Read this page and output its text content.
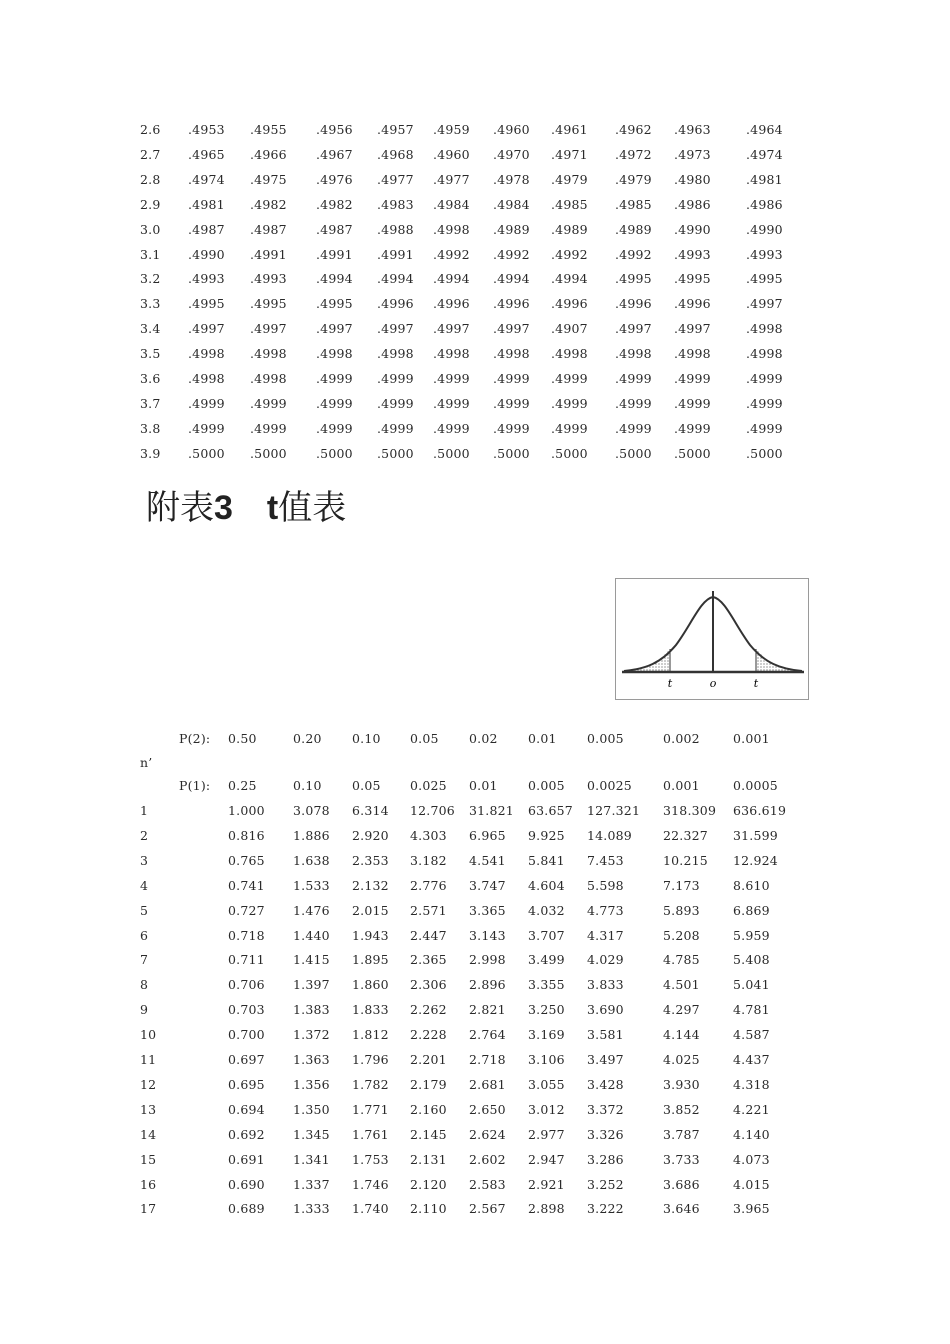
2.6 .4953 .4955 .4956 .4957 .4959 .4960 .4961 .4962 .4963	.4964
2.7 .4965 .4966 .4967 .4968 .4960 .4970 .4971 .4972 .4973	.4974
2.8 .4974 .4975 .4976 .4977 .4977 .4978 .4979 .4979 .4980	.4981
2.9 .4981 .4982 .4982 .4983 .4984 .4984 .4985 .4985 .4986	.4986
3.0 .4987 .4987 .4987 .4988 .4998 .4989 .4989 .4989 .4990	.4990
3.1 .4990 .4991 .4991 .4991 .4992 .4992 .4992 .4992 .4993	.4993
3.2 .4993 .4993 .4994 .4994 .4994 .4994 .4994 .4995 .4995	.4995
3.3 .4995 .4995 .4995 .4996 .4996 .4996 .4996 .4996 .4996	.4997
3.4 .4997 .4997 .4997 .4997 .4997 .4997 .4907 .4997 .4997	.4998
3.5 .4998 .4998 .4998 .4998 .4998 .4998 .4998 .4998 .4998	.4998
3.6 .4998 .4998 .4999 .4999 .4999 .4999 .4999 .4999 .4999	.4999
3.7 .4999 .4999 .4999 .4999 .4999 .4999 .4999 .4999 .4999	.4999
3.8 .4999 .4999 .4999 .4999 .4999 .4999 .4999 .4999 .4999	.4999
3.9 .5000 .5000 .5000 .5000 .5000 .5000 .5000 .5000 .5000	.5000
附表3 t值表
t	o	t
P(2): 0.50	0.20 0.10 0.05 0.02 0.01 0.005	0.002	0.001
n’
P(1): 0.25	0.10 0.05 0.025 0.01 0.005 0.0025 0.001	0.0005
1	1.000 3.078 6.314 12.706 31.821 63.657 127.321 318.309 636.619
2	0.816 1.886 2.920 4.303 6.965 9.925 14.089 22.327 31.599
3	0.765 1.638 2.353 3.182 4.541 5.841 7.453	10.215 12.924
4	0.741 1.533 2.132 2.776 3.747 4.604 5.598	7.173	8.610
5	0.727 1.476 2.015 2.571 3.365 4.032 4.773	5.893	6.869
6	0.718 1.440 1.943 2.447 3.143 3.707 4.317	5.208	5.959
7	0.711 1.415 1.895 2.365 2.998 3.499 4.029	4.785	5.408
8	0.706 1.397 1.860 2.306 2.896 3.355 3.833	4.501	5.041
9	0.703 1.383 1.833 2.262 2.821 3.250 3.690	4.297	4.781
10	0.700 1.372 1.812 2.228 2.764 3.169 3.581	4.144	4.587
11	0.697 1.363 1.796 2.201 2.718 3.106 3.497	4.025	4.437
12	0.695 1.356 1.782 2.179 2.681 3.055 3.428	3.930	4.318
13	0.694 1.350 1.771 2.160 2.650 3.012 3.372	3.852	4.221
14	0.692 1.345 1.761 2.145 2.624 2.977 3.326	3.787	4.140
15	0.691 1.341 1.753 2.131 2.602 2.947 3.286	3.733	4.073
16	0.690 1.337 1.746 2.120 2.583 2.921 3.252	3.686	4.015
17	0.689 1.333 1.740 2.110 2.567 2.898 3.222	3.646	3.965
